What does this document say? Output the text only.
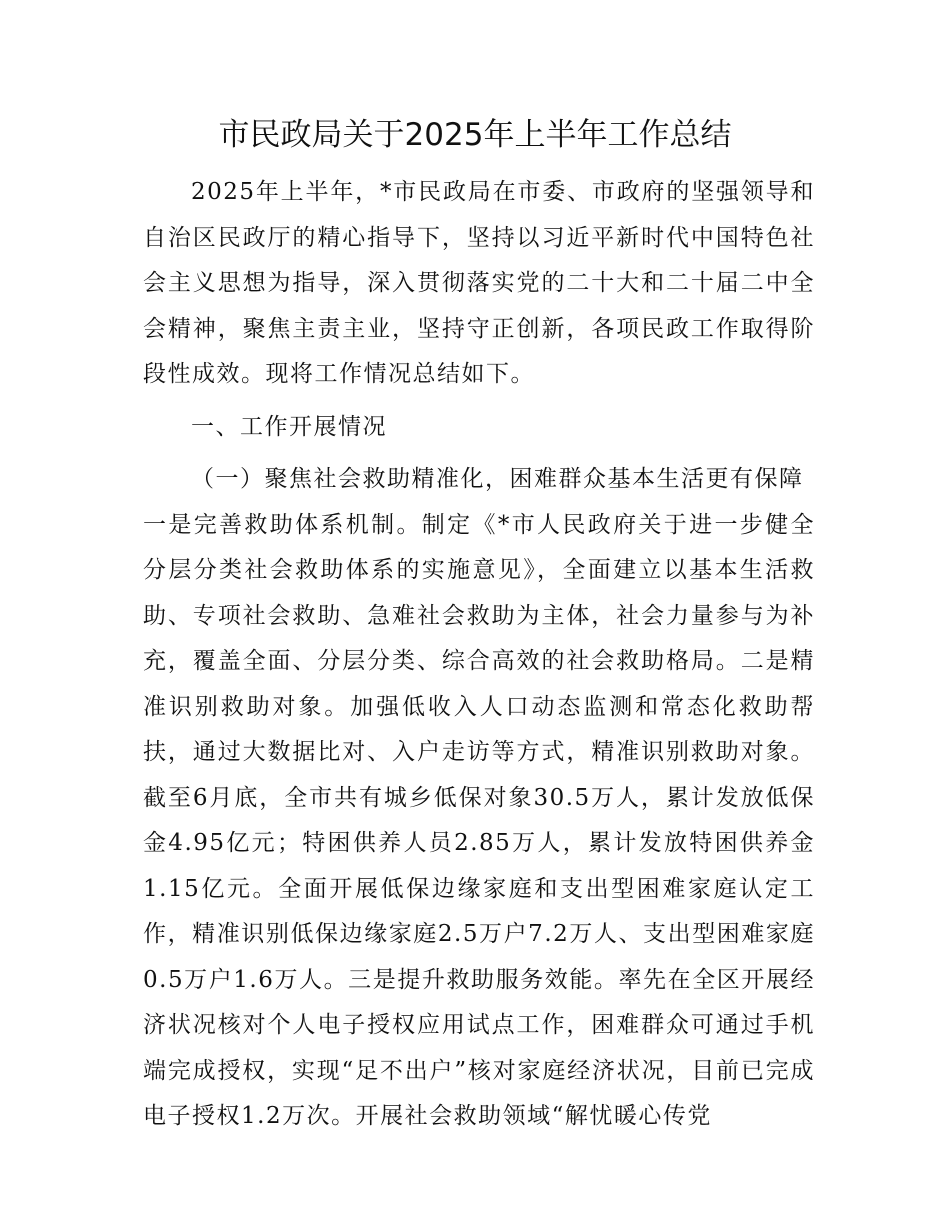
市民政局关于2025年上半年工作总结

2025年上半年，*市民政局在市委、市政府的坚强领导和自治区民政厅的精心指导下，坚持以习近平新时代中国特色社会主义思想为指导，深入贯彻落实党的二十大和二十届二中全会精神，聚焦主责主业，坚持守正创新，各项民政工作取得阶段性成效。现将工作情况总结如下。

一、工作开展情况

（一）聚焦社会救助精准化，困难群众基本生活更有保障

一是完善救助体系机制。制定《*市人民政府关于进一步健全分层分类社会救助体系的实施意见》，全面建立以基本生活救助、专项社会救助、急难社会救助为主体，社会力量参与为补充，覆盖全面、分层分类、综合高效的社会救助格局。二是精准识别救助对象。加强低收入人口动态监测和常态化救助帮扶，通过大数据比对、入户走访等方式，精准识别救助对象。截至6月底，全市共有城乡低保对象30.5万人，累计发放低保金4.95亿元；特困供养人员2.85万人，累计发放特困供养金1.15亿元。全面开展低保边缘家庭和支出型困难家庭认定工作，精准识别低保边缘家庭2.5万户7.2万人、支出型困难家庭0.5万户1.6万人。三是提升救助服务效能。率先在全区开展经济状况核对个人电子授权应用试点工作，困难群众可通过手机端完成授权，实现“足不出户”核对家庭经济状况，目前已完成电子授权1.2万次。开展社会救助领域“解忧暖心传党
